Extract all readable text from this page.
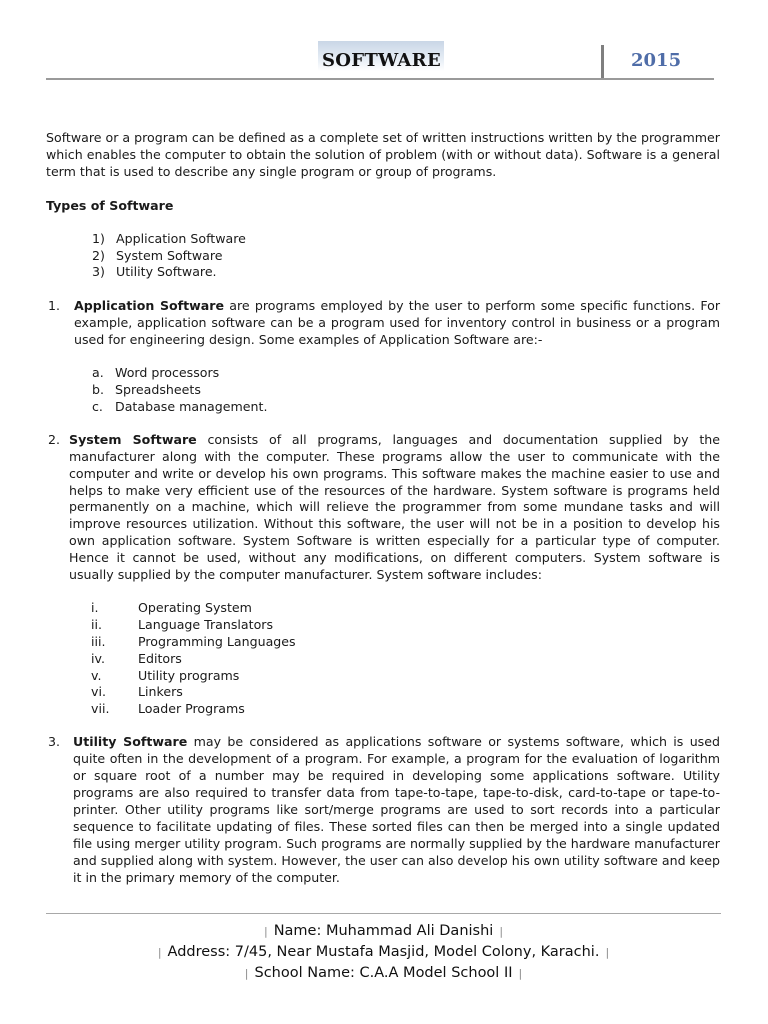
SOFTWARE	2015

Software or a program can be defined as a complete set of written instructions written by the programmer which enables the computer to obtain the solution of problem (with or without data). Software is a general term that is used to describe any single program or group of programs.

Types of Software

1) Application Software
2) System Software
3) Utility Software.
1. Application Software are programs employed by the user to perform some specific functions. For example, application software can be a program used for inventory control in business or a program used for engineering design. Some examples of Application Software are:-

a. Word processors
b. Spreadsheets
c. Database management.
2. System Software consists of all programs, languages and documentation supplied by the manufacturer along with the computer. These programs allow the user to communicate with the computer and write or develop his own programs. This software makes the machine easier to use and helps to make very efficient use of the resources of the hardware. System software is programs held permanently on a machine, which will relieve the programmer from some mundane tasks and will improve resources utilization. Without this software, the user will not be in a position to develop his own application software. System Software is written especially for a particular type of computer. Hence it cannot be used, without any modifications, on different computers. System software is usually supplied by the computer manufacturer. System software includes:

i.	Operating System
ii.	Language Translators
iii.	Programming Languages
iv.	Editors
v.	Utility programs
vi.	Linkers
vii. Loader Programs
3. Utility Software may be considered as applications software or systems software, which is used quite often in the development of a program. For example, a program for the evaluation of logarithm or square root of a number may be required in developing some applications software. Utility programs are also required to transfer data from tape-to-tape, tape-to-disk, card-to-tape or tape-to-printer. Other utility programs like sort/merge programs are used to sort records into a particular sequence to facilitate updating of files. These sorted files can then be merged into a single updated file using merger utility program. Such programs are normally supplied by the hardware manufacturer and supplied along with system. However, the user can also develop his own utility software and keep it in the primary memory of the computer.

| Name: Muhammad Ali Danishi |
| Address: 7/45, Near Mustafa Masjid, Model Colony, Karachi. |
| School Name: C.A.A Model School II |
